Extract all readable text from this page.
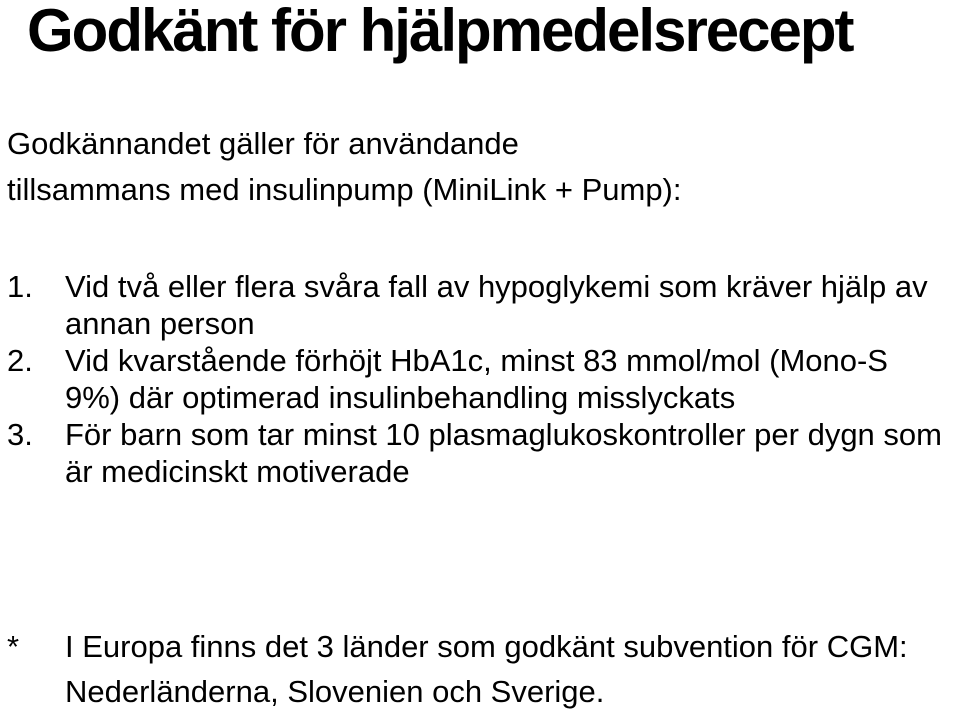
Godkänt för hjälpmedelsrecept
Godkännandet gäller för användande
tillsammans med insulinpump (MiniLink + Pump):
1. Vid två eller flera svåra fall av hypoglykemi som kräver hjälp av annan person
2. Vid kvarstående förhöjt HbA1c, minst 83 mmol/mol (Mono-S 9%) där optimerad insulinbehandling misslyckats
3. För barn som tar minst 10 plasmaglukoskontroller per dygn som är medicinskt motiverade
*	I Europa finns det 3 länder som godkänt subvention för CGM: Nederländerna, Slovenien och Sverige.
